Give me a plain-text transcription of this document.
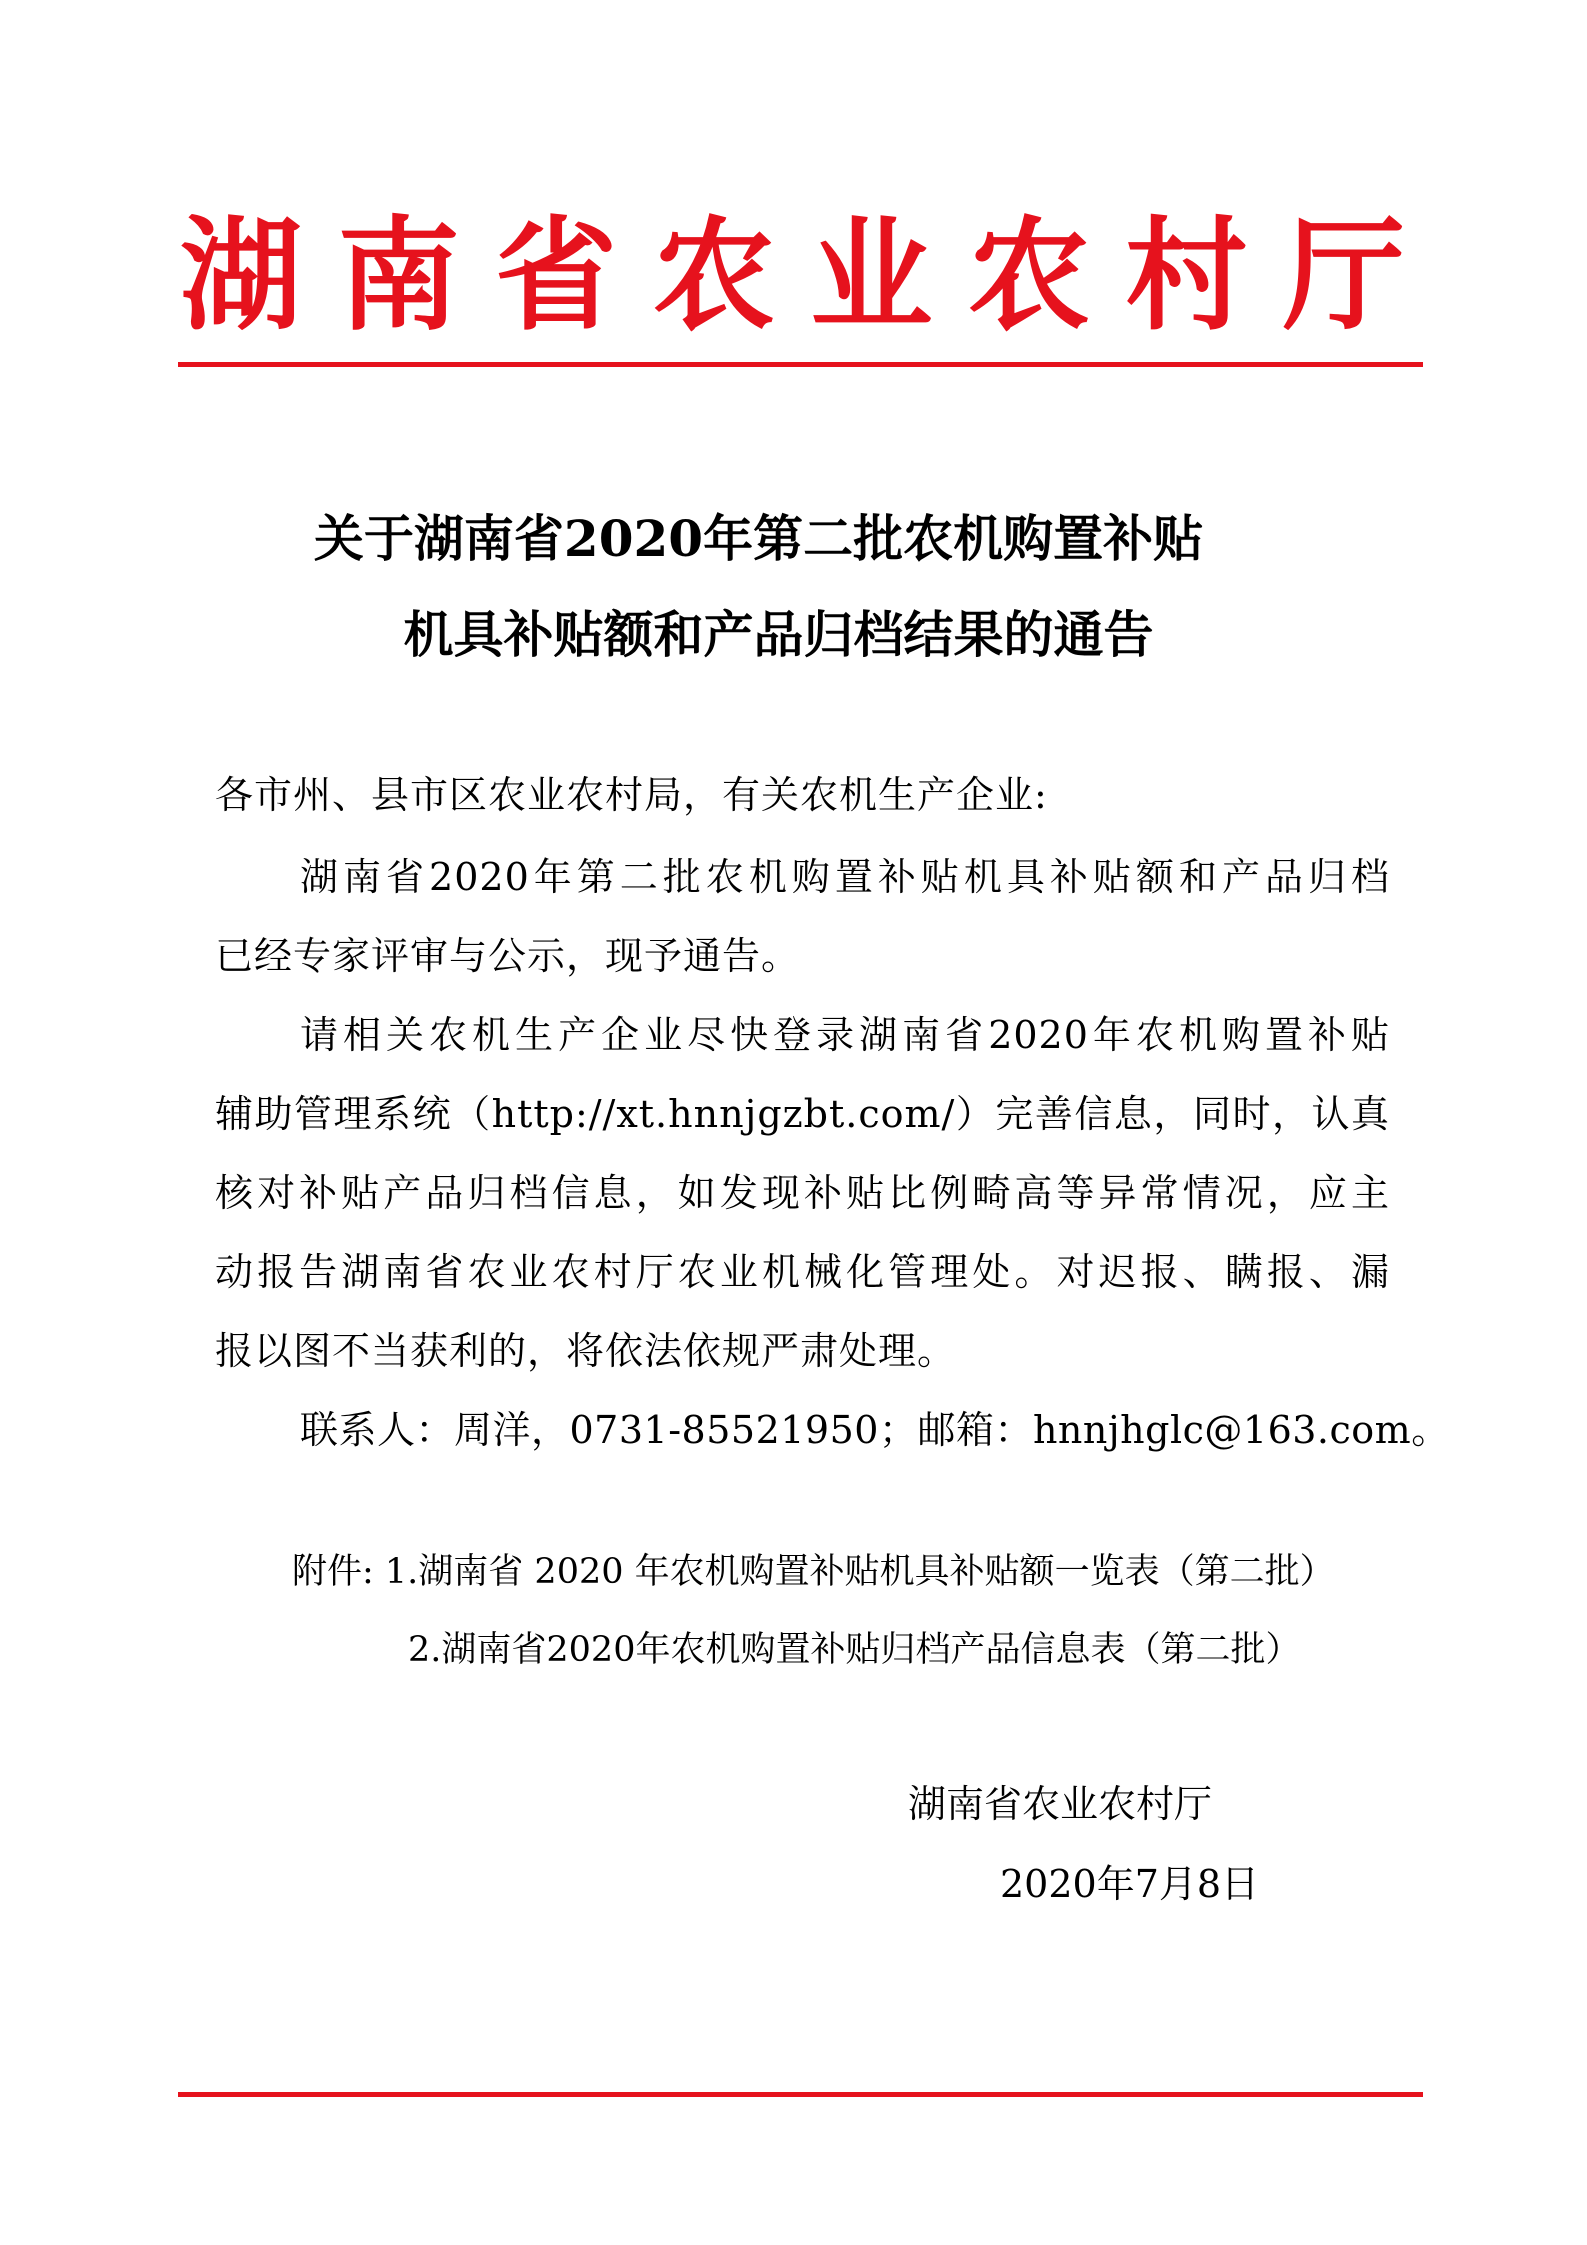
湖 南 省 农 业 农 村 厅
关于湖南省2020年第二批农机购置补贴
机具补贴额和产品归档结果的通告
各市州、县市区农业农村局，有关农机生产企业:
湖南省2020年第二批农机购置补贴机具补贴额和产品归档
已经专家评审与公示，现予通告。
请相关农机生产企业尽快登录湖南省2020年农机购置补贴
辅助管理系统（http://xt.hnnjgzbt.com/）完善信息，同时，认真
核对补贴产品归档信息，如发现补贴比例畸高等异常情况，应主
动报告湖南省农业农村厅农业机械化管理处。对迟报、瞒报、漏
报以图不当获利的，将依法依规严肃处理。
联系人：周洋，0731-85521950；邮箱：hnnjhglc@163.com。
附件: 1.湖南省 2020 年农机购置补贴机具补贴额一览表（第二批）
2.湖南省2020年农机购置补贴归档产品信息表（第二批）
湖南省农业农村厅
2020年7月8日
